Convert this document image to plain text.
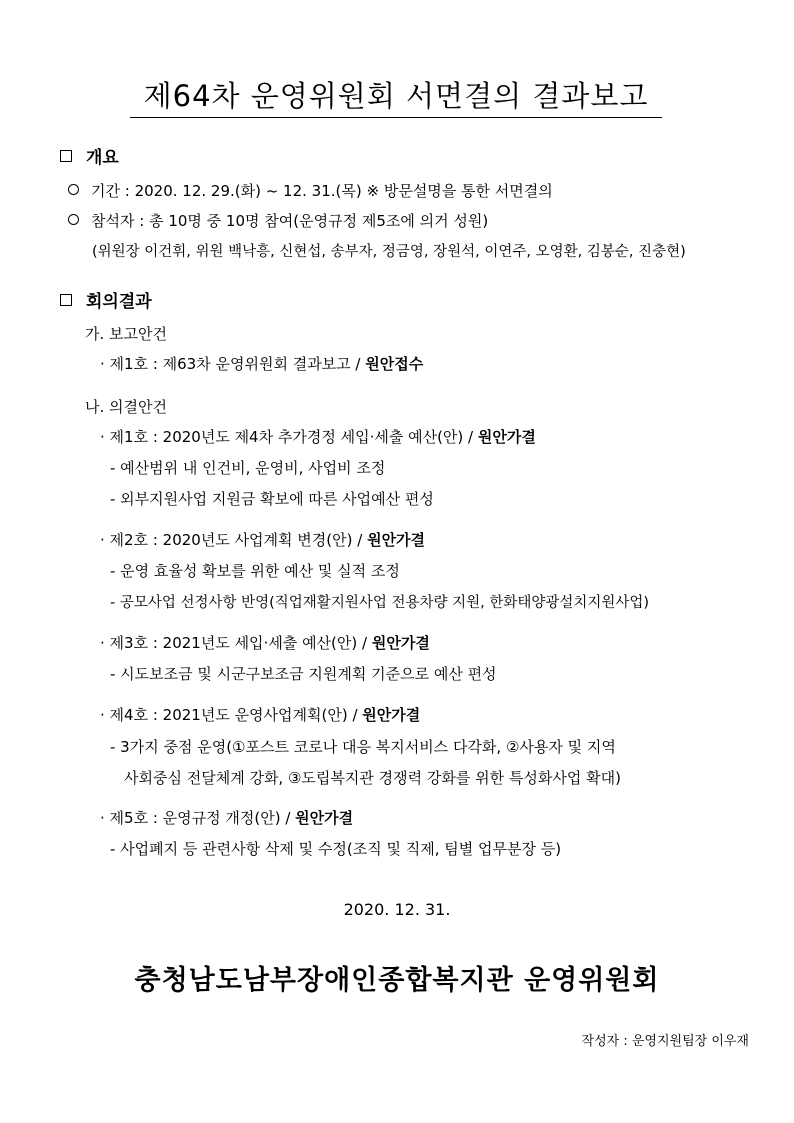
제64차 운영위원회 서면결의 결과보고
개요
기간 : 2020. 12. 29.(화) ~ 12. 31.(목) ※ 방문설명을 통한 서면결의
참석자 : 총 10명 중 10명 참여(운영규정 제5조에 의거 성원)
(위원장 이건휘, 위원 백낙흥, 신현섭, 송부자, 정금영, 장원석, 이연주, 오영환, 김봉순, 진충현)
회의결과
가. 보고안건
· 제1호 : 제63차 운영위원회 결과보고 / 원안접수
나. 의결안건
· 제1호 : 2020년도 제4차 추가경정 세입·세출 예산(안) / 원안가결
- 예산범위 내 인건비, 운영비, 사업비 조정
- 외부지원사업 지원금 확보에 따른 사업예산 편성
· 제2호 : 2020년도 사업계획 변경(안) / 원안가결
- 운영 효율성 확보를 위한 예산 및 실적 조정
- 공모사업 선정사항 반영(직업재활지원사업 전용차량 지원, 한화태양광설치지원사업)
· 제3호 : 2021년도 세입·세출 예산(안) / 원안가결
- 시도보조금 및 시군구보조금 지원계획 기준으로 예산 편성
· 제4호 : 2021년도 운영사업계획(안) / 원안가결
- 3가지 중점 운영(①포스트 코로나 대응 복지서비스 다각화, ②사용자 및 지역
사회중심 전달체계 강화, ③도립복지관 경쟁력 강화를 위한 특성화사업 확대)
· 제5호 : 운영규정 개정(안) / 원안가결
- 사업폐지 등 관련사항 삭제 및 수정(조직 및 직제, 팀별 업무분장 등)
2020. 12. 31.
충청남도남부장애인종합복지관 운영위원회
작성자 : 운영지원팀장 이우재
